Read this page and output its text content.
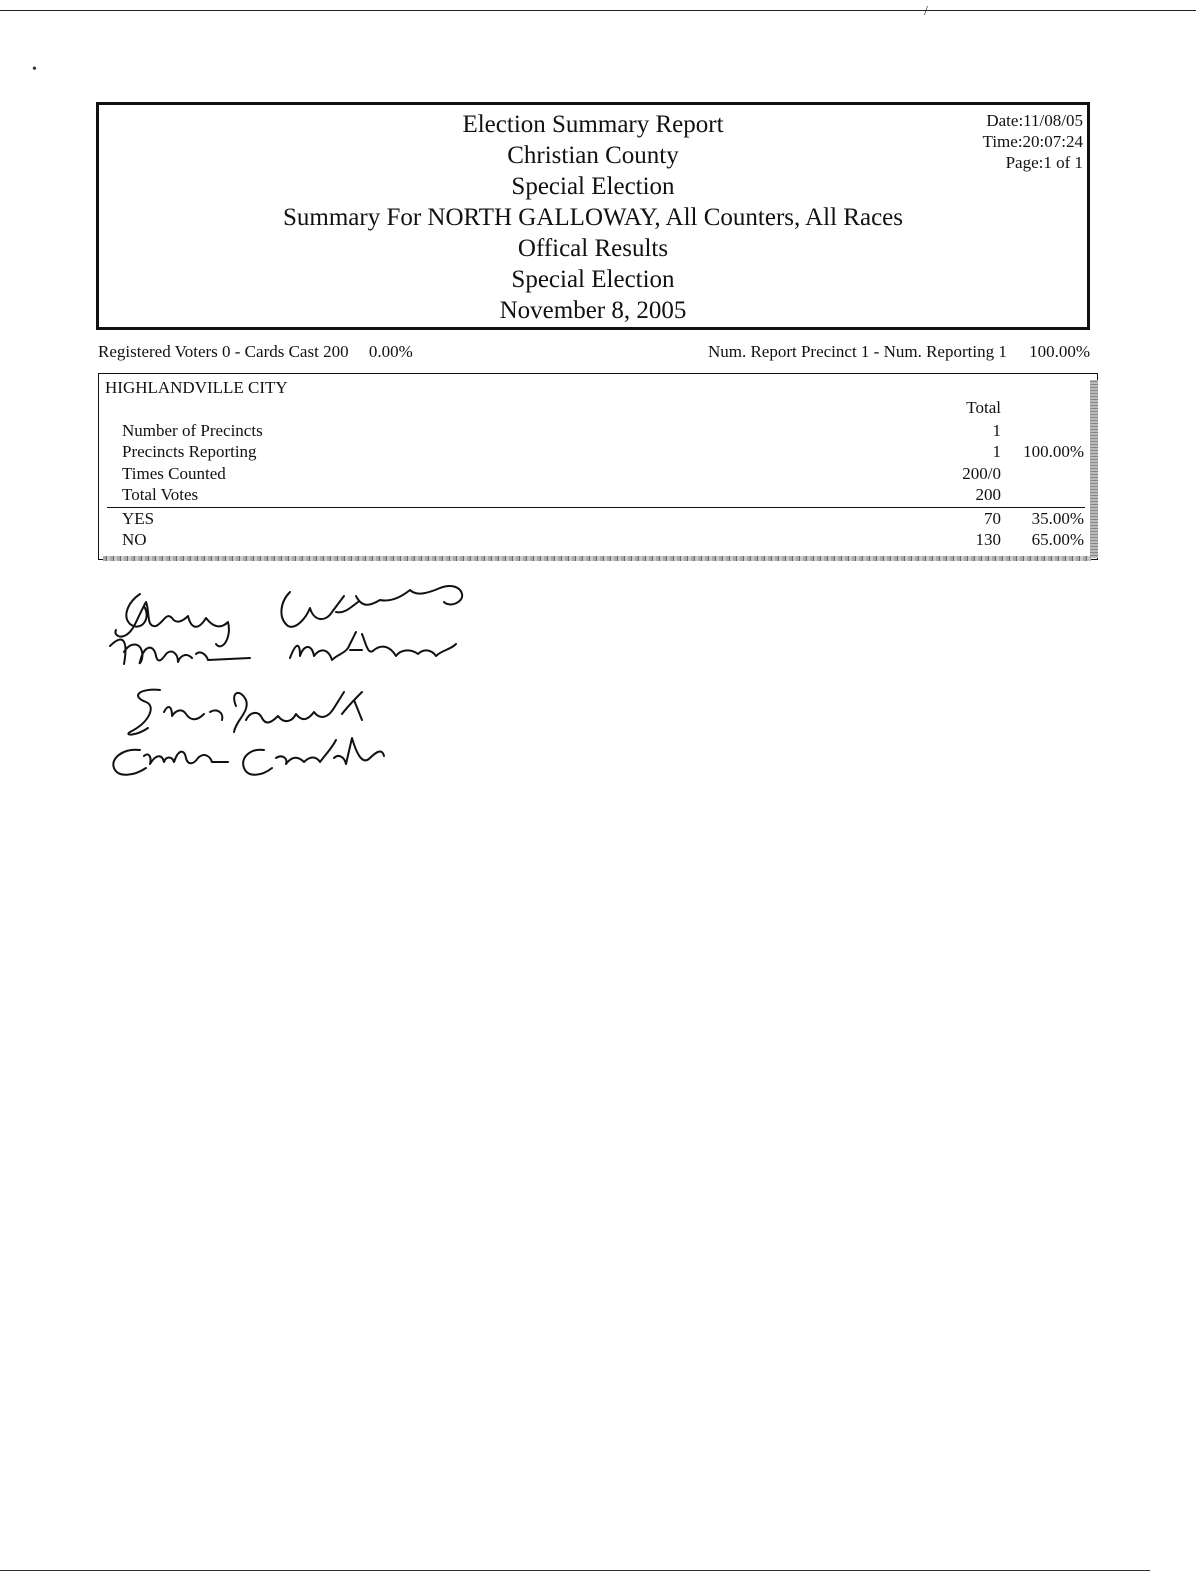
/
•
Election Summary Report
Christian County
Special Election
Summary For NORTH GALLOWAY, All Counters, All Races
Offical Results
Special Election
November 8, 2005
Date:11/08/05
Time:20:07:24
Page:1 of 1
Registered Voters 0 - Cards Cast 200 0.00%	Num. Report Precinct 1 - Num. Reporting 1 100.00%
HIGHLANDVILLE CITY
Total
Number of Precincts	1
Precincts Reporting	1 100.00%
Times Counted	200/0
Total Votes	200
YES	70 35.00%
NO	130 65.00%
